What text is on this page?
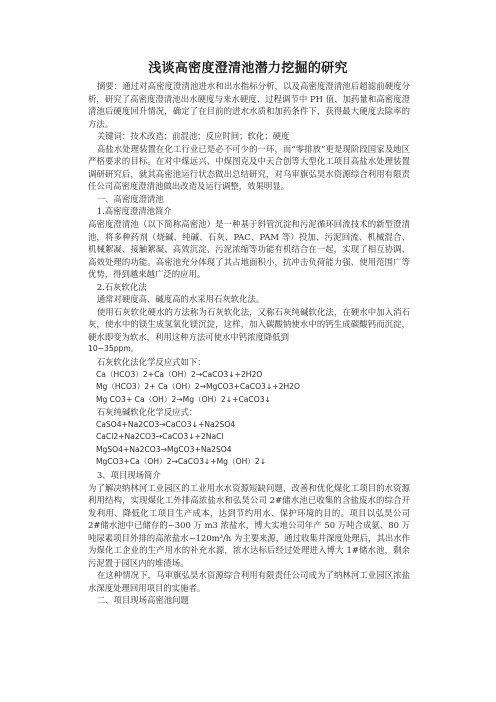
浅谈高密度澄清池潜力挖掘的研究

摘要：通过对高密度澄清池进水和出水指标分析，以及高密度澄清池后超滤前硬度分析，研究了高密度澄清池出水硬度与来水硬度、过程调节中 PH 值、加药量和高密度澄清池后硬度回升情况，确定了在目前的进水水质和加药条件下，获得最大硬度去除率的方法。

关键词：技术改造；前混池；反应时间；软化；硬度

高盐水处理装置在化工行业已是必不可少的一环，而“零排放”更是现阶段国家及地区严格要求的目标。在对中煤远兴、中煤图克及中天合创等大型化工项目高盐水处理装置调研研究后，就其高密池运行状态做出总结研究，对乌审旗弘昊水资源综合利用有限责任公司高密度澄清池做出改造及运行调整，效果明显。

一、高密度澄清池

1.高密度澄清池简介

高密度澄清池（以下简称高密池）是一种基于斜管沉淀和污泥循环回流技术的新型澄清池，将多种药剂（烧碱、纯碱、石灰、PAC、PAM 等）投加、污泥回流、机械混合、机械絮凝、接触絮凝、高效沉淀、污泥浓缩等功能有机结合在一起，实现了相互协调、高效处理的功能。高密池充分体现了其占地面积小，抗冲击负荷能力强、使用范围广等优势，得到越来越广泛的应用。

2.石灰软化法

通常对硬度高、碱度高的水采用石灰软化法。

使用石灰软化硬水的方法称为石灰软化法，又称石灰纯碱软化法，在硬水中加入消石灰，使水中的镁生成氢氧化镁沉淀，这样，加入碳酸钠使水中的钙生成碳酸钙而沉淀，硬水即变为软水，利用这种方法可使水中钙浓度降低到

10~35ppm。

石灰软化法化学反应式如下：

Ca（HCO3）2+Ca（OH）2→CaCO3↓+2H2O

Mg（HCO3）2+ Ca（OH）2→MgCO3+CaCO3↓+2H2O

Mg CO3+ Ca（OH）2→Mg（OH）2↓+CaCO3↓

石灰纯碱软化化学反应式：

CaSO4+Na2CO3→CaCO3↓+Na2SO4

CaCl2+Na2CO3→CaCO3↓+2NaCl

MgSO4+Na2CO3→MgCO3+Na2SO4

MgCO3+Ca（OH）2→CaCO3↓+Mg（OH）2↓

3、项目现场简介

为了解决纳林河工业园区的工业用水水资源短缺问题，改善和优化煤化工项目的水资源利用结构，实现煤化工外排高浓盐水和弘昊公司 2#储水池已收集的含盐废水的综合开发利用、降低化工项目生产成本，达到节约用水、保护环境的目的。项目以弘昊公司 2#储水池中已储存的~300 万 m3 浓盐水，博大实地公司年产 50 万吨合成氨、80 万吨尿素项目外排的高浓盐水~120m³/h 为主要来源，通过收集并深度处理后，其出水作为煤化工企业的生产用水的补充水源，浓水达标后经过处理进入博大 1#储水池，剩余污泥置于园区内的堆渣场。

在这种情况下，乌审旗弘昊水资源综合利用有限责任公司成为了纳林河工业园区浓盐水深度处理回用项目的实施者。

二、项目现场高密池问题
